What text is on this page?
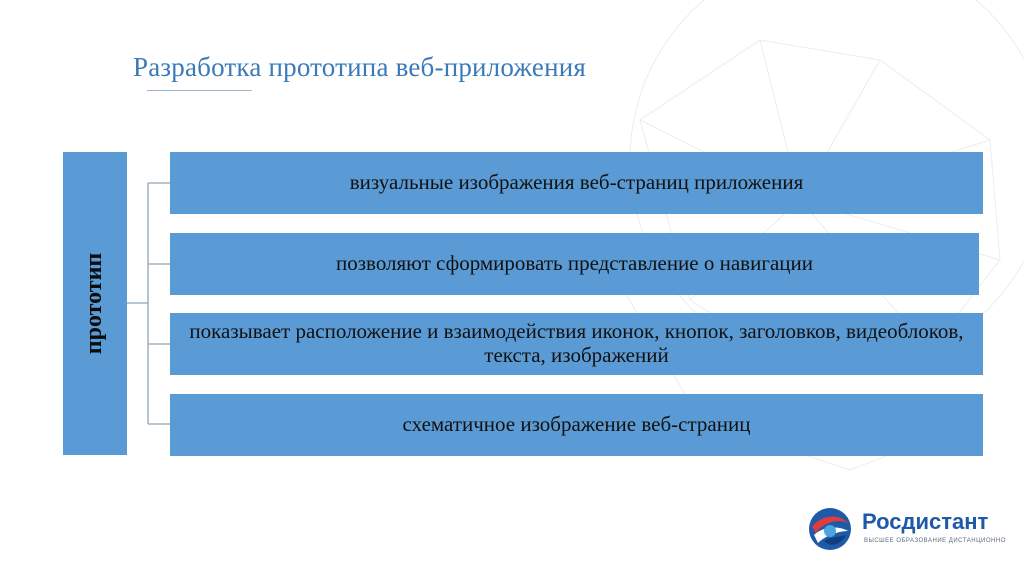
Разработка прототипа веб-приложения
прототип
визуальные изображения веб-страниц приложения
позволяют сформировать представление о навигации
показывает расположение и взаимодействия иконок, кнопок, заголовков, видеоблоков, текста, изображений
схематичное изображение веб-страниц
Росдистант
ВЫСШЕЕ ОБРАЗОВАНИЕ ДИСТАНЦИОННО
